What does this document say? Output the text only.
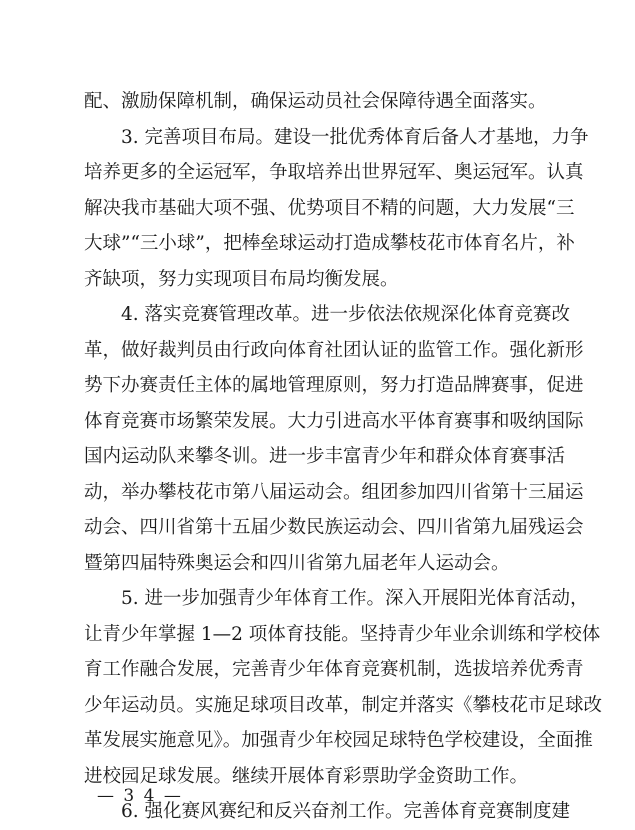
配、激励保障机制，确保运动员社会保障待遇全面落实。
3. 完善项目布局。建设一批优秀体育后备人才基地，力争
培养更多的全运冠军，争取培养出世界冠军、奥运冠军。认真
解决我市基础大项不强、优势项目不精的问题，大力发展“三
大球”“三小球”，把棒垒球运动打造成攀枝花市体育名片，补
齐缺项，努力实现项目布局均衡发展。
4. 落实竞赛管理改革。进一步依法依规深化体育竞赛改
革，做好裁判员由行政向体育社团认证的监管工作。强化新形
势下办赛责任主体的属地管理原则，努力打造品牌赛事，促进
体育竞赛市场繁荣发展。大力引进高水平体育赛事和吸纳国际
国内运动队来攀冬训。进一步丰富青少年和群众体育赛事活
动，举办攀枝花市第八届运动会。组团参加四川省第十三届运
动会、四川省第十五届少数民族运动会、四川省第九届残运会
暨第四届特殊奥运会和四川省第九届老年人运动会。
5. 进一步加强青少年体育工作。深入开展阳光体育活动，
让青少年掌握 1—2 项体育技能。坚持青少年业余训练和学校体
育工作融合发展，完善青少年体育竞赛机制，选拔培养优秀青
少年运动员。实施足球项目改革，制定并落实《攀枝花市足球改
革发展实施意见》。加强青少年校园足球特色学校建设，全面推
进校园足球发展。继续开展体育彩票助学金资助工作。
6. 强化赛风赛纪和反兴奋剂工作。完善体育竞赛制度建
— 3 4 —
